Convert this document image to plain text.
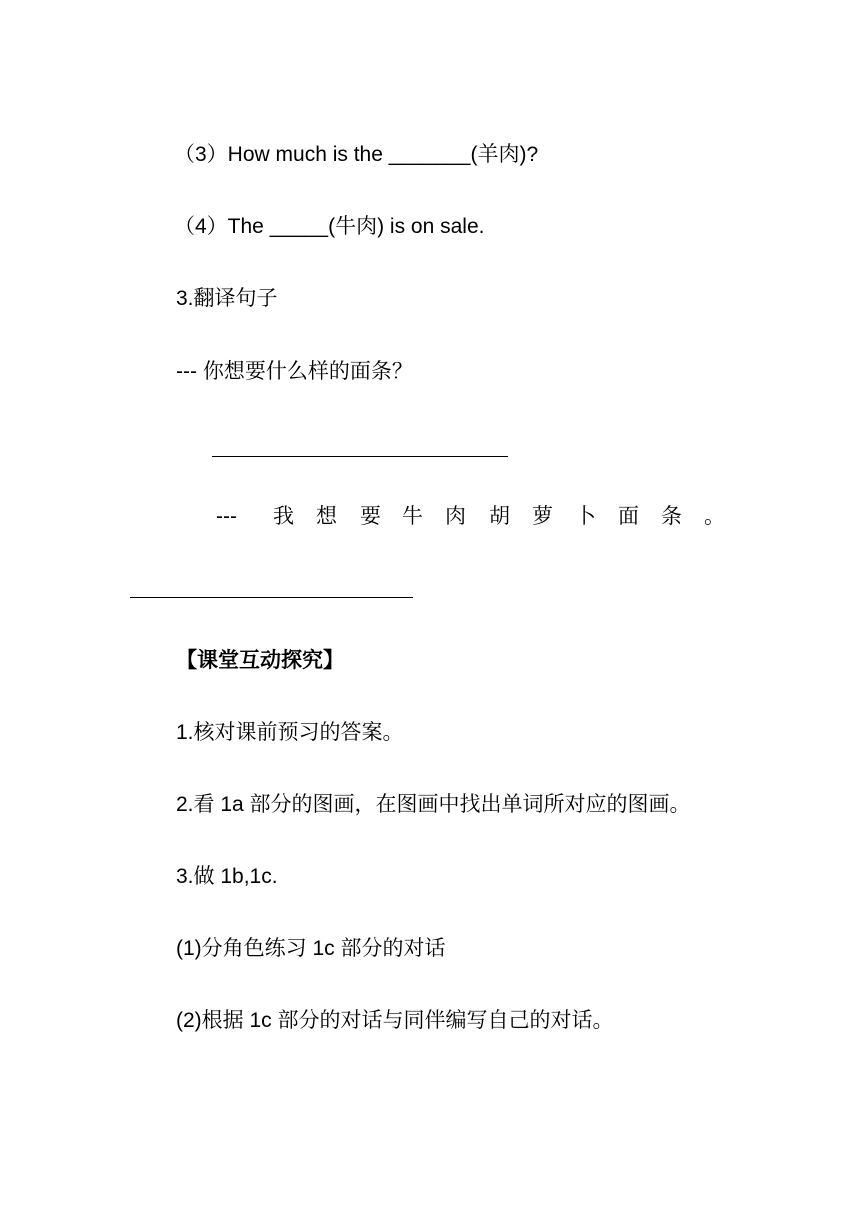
（3）How much is the _______(羊肉)?
（4）The _____(牛肉) is on sale.
3.翻译句子
--- 你想要什么样的面条？
--- 我 想 要 牛 肉 胡 萝 卜 面 条 。
【课堂互动探究】
1.核对课前预习的答案。
2.看 1a 部分的图画，在图画中找出单词所对应的图画。
3.做 1b,1c.
(1)分角色练习 1c 部分的对话
(2)根据 1c 部分的对话与同伴编写自己的对话。
